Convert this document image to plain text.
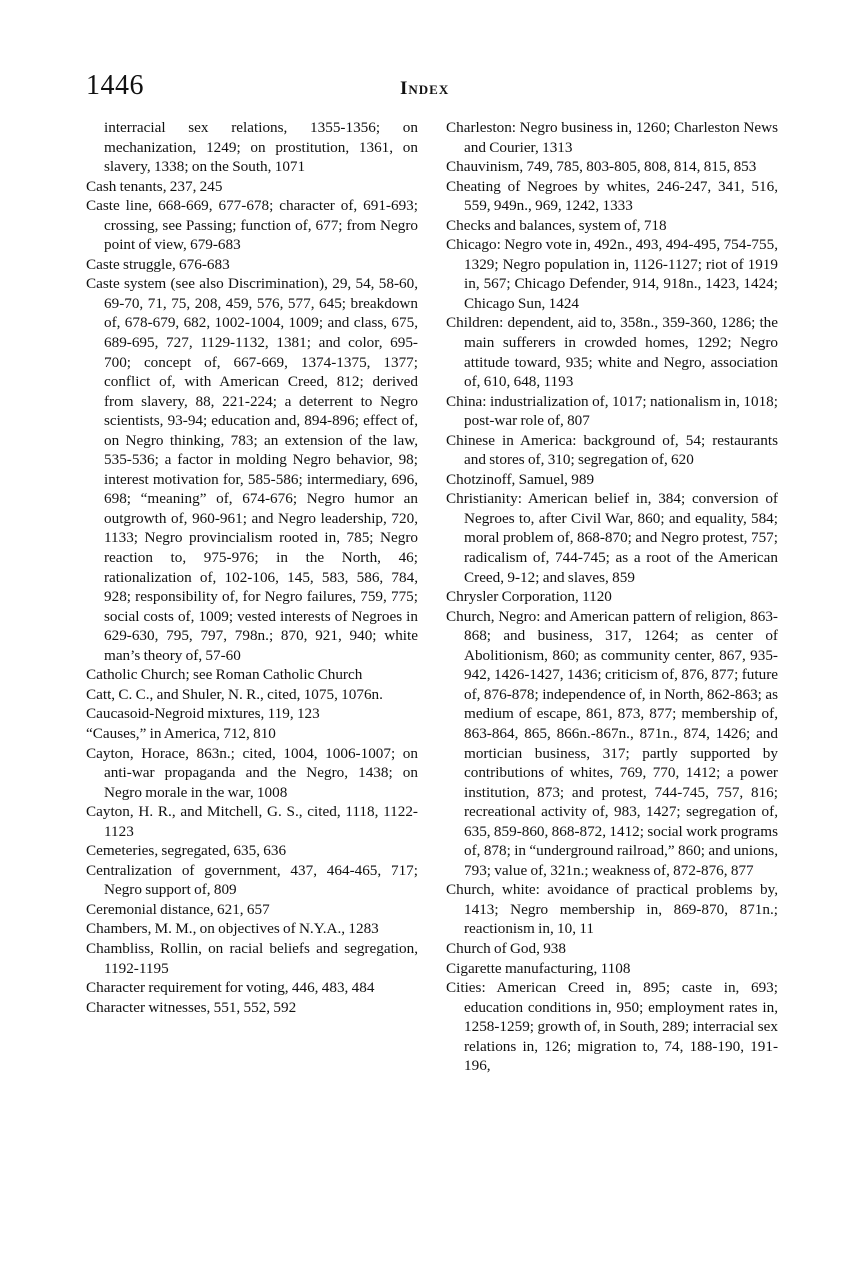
1446	Index

interracial sex relations, 1355-1356; on mechanization, 1249; on prostitution, 1361, on slavery, 1338; on the South, 1071

Cash tenants, 237, 245

Caste line, 668-669, 677-678; character of, 691-693; crossing, see Passing; function of, 677; from Negro point of view, 679-683

Caste struggle, 676-683

Caste system (see also Discrimination), 29, 54, 58-60, 69-70, 71, 75, 208, 459, 576, 577, 645; breakdown of, 678-679, 682, 1002-1004, 1009; and class, 675, 689-695, 727, 1129-1132, 1381; and color, 695-700; concept of, 667-669, 1374-1375, 1377; conflict of, with American Creed, 812; derived from slavery, 88, 221-224; a deterrent to Negro scientists, 93-94; education and, 894-896; effect of, on Negro thinking, 783; an extension of the law, 535-536; a factor in molding Negro behavior, 98; interest motivation for, 585-586; intermediary, 696, 698; “meaning” of, 674-676; Negro humor an outgrowth of, 960-961; and Negro leadership, 720, 1133; Negro provincialism rooted in, 785; Negro reaction to, 975-976; in the North, 46; rationalization of, 102-106, 145, 583, 586, 784, 928; responsibility of, for Negro failures, 759, 775; social costs of, 1009; vested interests of Negroes in 629-630, 795, 797, 798n.; 870, 921, 940; white man’s theory of, 57-60

Catholic Church; see Roman Catholic Church

Catt, C. C., and Shuler, N. R., cited, 1075, 1076n.

Caucasoid-Negroid mixtures, 119, 123

“Causes,” in America, 712, 810

Cayton, Horace, 863n.; cited, 1004, 1006-1007; on anti-war propaganda and the Negro, 1438; on Negro morale in the war, 1008

Cayton, H. R., and Mitchell, G. S., cited, 1118, 1122-1123

Cemeteries, segregated, 635, 636

Centralization of government, 437, 464-465, 717; Negro support of, 809

Ceremonial distance, 621, 657

Chambers, M. M., on objectives of N.Y.A., 1283

Chambliss, Rollin, on racial beliefs and segregation, 1192-1195

Character requirement for voting, 446, 483, 484

Character witnesses, 551, 552, 592

Charleston: Negro business in, 1260; Charleston News and Courier, 1313

Chauvinism, 749, 785, 803-805, 808, 814, 815, 853

Cheating of Negroes by whites, 246-247, 341, 516, 559, 949n., 969, 1242, 1333

Checks and balances, system of, 718

Chicago: Negro vote in, 492n., 493, 494-495, 754-755, 1329; Negro population in, 1126-1127; riot of 1919 in, 567; Chicago Defender, 914, 918n., 1423, 1424; Chicago Sun, 1424

Children: dependent, aid to, 358n., 359-360, 1286; the main sufferers in crowded homes, 1292; Negro attitude toward, 935; white and Negro, association of, 610, 648, 1193

China: industrialization of, 1017; nationalism in, 1018; post-war role of, 807

Chinese in America: background of, 54; restaurants and stores of, 310; segregation of, 620

Chotzinoff, Samuel, 989

Christianity: American belief in, 384; conversion of Negroes to, after Civil War, 860; and equality, 584; moral problem of, 868-870; and Negro protest, 757; radicalism of, 744-745; as a root of the American Creed, 9-12; and slaves, 859

Chrysler Corporation, 1120

Church, Negro: and American pattern of religion, 863-868; and business, 317, 1264; as center of Abolitionism, 860; as community center, 867, 935-942, 1426-1427, 1436; criticism of, 876, 877; future of, 876-878; independence of, in North, 862-863; as medium of escape, 861, 873, 877; membership of, 863-864, 865, 866n.-867n., 871n., 874, 1426; and mortician business, 317; partly supported by contributions of whites, 769, 770, 1412; a power institution, 873; and protest, 744-745, 757, 816; recreational activity of, 983, 1427; segregation of, 635, 859-860, 868-872, 1412; social work programs of, 878; in “underground railroad,” 860; and unions, 793; value of, 321n.; weakness of, 872-876, 877

Church, white: avoidance of practical problems by, 1413; Negro membership in, 869-870, 871n.; reactionism in, 10, 11

Church of God, 938

Cigarette manufacturing, 1108

Cities: American Creed in, 895; caste in, 693; education conditions in, 950; employment rates in, 1258-1259; growth of, in South, 289; interracial sex relations in, 126; migration to, 74, 188-190, 191-196,
